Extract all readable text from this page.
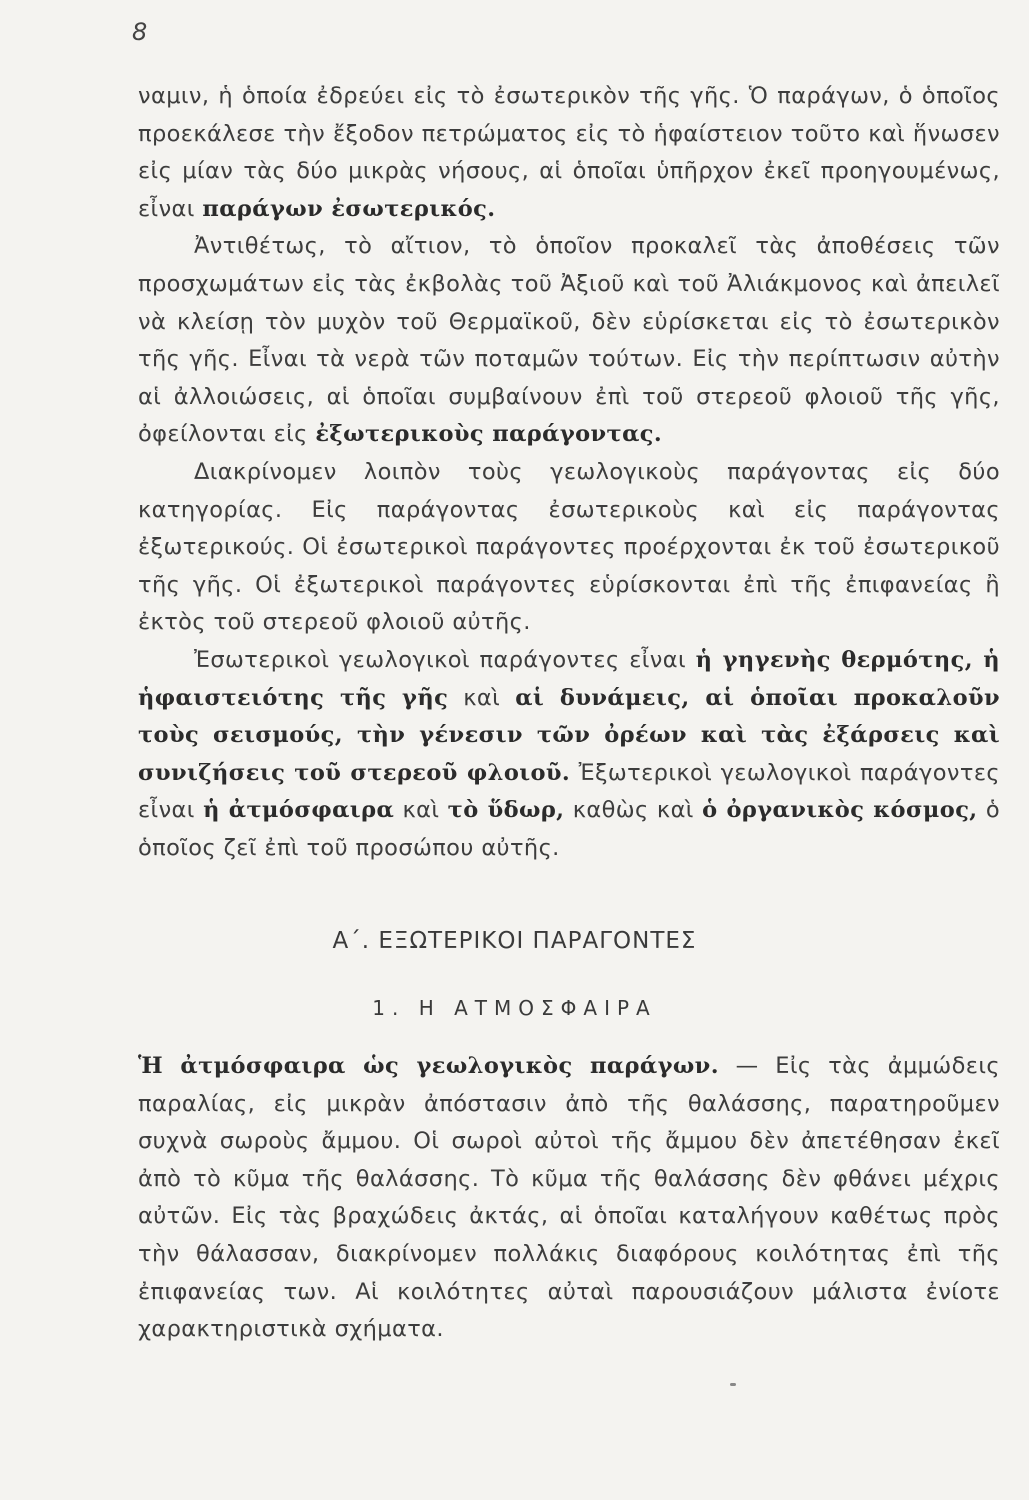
8

ναμιν, ἡ ὁποία ἐδρεύει εἰς τὸ ἐσωτερικὸν τῆς γῆς. Ὁ παράγων, ὁ ὁποῖος προεκάλεσε τὴν ἔξοδον πετρώματος εἰς τὸ ἡφαίστειον τοῦτο καὶ ἥνωσεν εἰς μίαν τὰς δύο μικρὰς νήσους, αἱ ὁποῖαι ὑπῆρχον ἐκεῖ προηγουμένως, εἶναι παράγων ἐσωτερικός.

Ἀντιθέτως, τὸ αἴτιον, τὸ ὁποῖον προκαλεῖ τὰς ἀποθέσεις τῶν προσχωμάτων εἰς τὰς ἐκβολὰς τοῦ Ἀξιοῦ καὶ τοῦ Ἀλιάκμονος καὶ ἀπειλεῖ νὰ κλείσῃ τὸν μυχὸν τοῦ Θερμαϊκοῦ, δὲν εὑρίσκεται εἰς τὸ ἐσωτερικὸν τῆς γῆς. Εἶναι τὰ νερὰ τῶν ποταμῶν τούτων. Εἰς τὴν περίπτωσιν αὐτὴν αἱ ἀλλοιώσεις, αἱ ὁποῖαι συμβαίνουν ἐπὶ τοῦ στερεοῦ φλοιοῦ τῆς γῆς, ὀφείλονται εἰς ἐξωτερικοὺς παράγοντας.

Διακρίνομεν λοιπὸν τοὺς γεωλογικοὺς παράγοντας εἰς δύο κατηγορίας. Εἰς παράγοντας ἐσωτερικοὺς καὶ εἰς παράγοντας ἐξωτερικούς. Οἱ ἐσωτερικοὶ παράγοντες προέρχονται ἐκ τοῦ ἐσωτερικοῦ τῆς γῆς. Οἱ ἐξωτερικοὶ παράγοντες εὑρίσκονται ἐπὶ τῆς ἐπιφανείας ἢ ἐκτὸς τοῦ στερεοῦ φλοιοῦ αὐτῆς.

Ἐσωτερικοὶ γεωλογικοὶ παράγοντες εἶναι ἡ γηγενὴς θερμότης, ἡ ἡφαιστειότης τῆς γῆς καὶ αἱ δυνάμεις, αἱ ὁποῖαι προκαλοῦν τοὺς σεισμούς, τὴν γένεσιν τῶν ὀρέων καὶ τὰς ἐξάρσεις καὶ συνιζήσεις τοῦ στερεοῦ φλοιοῦ. Ἐξωτερικοὶ γεωλογικοὶ παράγοντες εἶναι ἡ ἀτμόσφαιρα καὶ τὸ ὕδωρ, καθὼς καὶ ὁ ὀργανικὸς κόσμος, ὁ ὁποῖος ζεῖ ἐπὶ τοῦ προσώπου αὐτῆς.

Α΄. ΕΞΩΤΕΡΙΚΟΙ ΠΑΡΑΓΟΝΤΕΣ
1. Η ΑΤΜΟΣΦΑΙΡΑ

Ἡ ἀτμόσφαιρα ὡς γεωλογικὸς παράγων. — Εἰς τὰς ἀμμώδεις παραλίας, εἰς μικρὰν ἀπόστασιν ἀπὸ τῆς θαλάσσης, παρατηροῦμεν συχνὰ σωροὺς ἄμμου. Οἱ σωροὶ αὐτοὶ τῆς ἄμμου δὲν ἀπετέθησαν ἐκεῖ ἀπὸ τὸ κῦμα τῆς θαλάσσης. Τὸ κῦμα τῆς θαλάσσης δὲν φθάνει μέχρις αὐτῶν. Εἰς τὰς βραχώδεις ἀκτάς, αἱ ὁποῖαι καταλήγουν καθέτως πρὸς τὴν θάλασσαν, διακρίνομεν πολλάκις διαφόρους κοιλότητας ἐπὶ τῆς ἐπιφανείας των. Αἱ κοιλότητες αὐταὶ παρουσιάζουν μάλιστα ἐνίοτε χαρακτηριστικὰ σχήματα.
